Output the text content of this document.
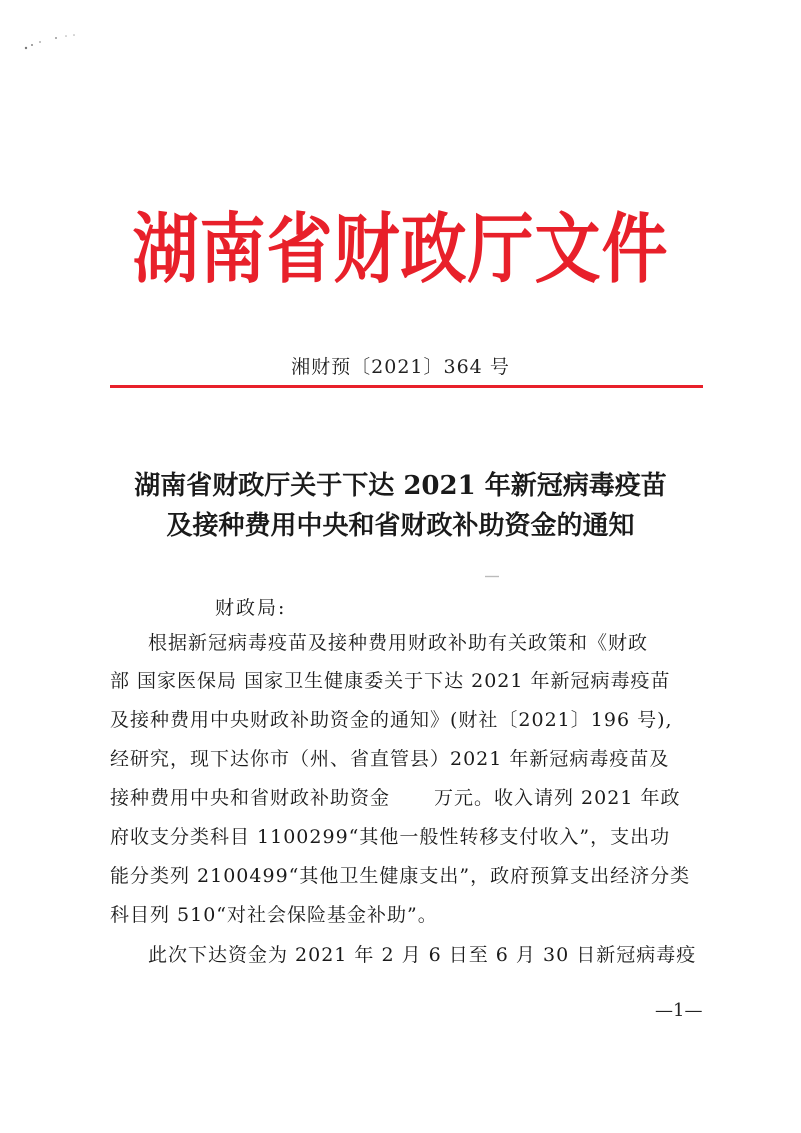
湖南省财政厅文件
湘财预〔2021〕364 号
湖南省财政厅关于下达 2021 年新冠病毒疫苗
及接种费用中央和省财政补助资金的通知
财政局:
根据新冠病毒疫苗及接种费用财政补助有关政策和《财政
部 国家医保局 国家卫生健康委关于下达 2021 年新冠病毒疫苗
及接种费用中央财政补助资金的通知》(财社〔2021〕196 号),
经研究，现下达你市（州、省直管县）2021 年新冠病毒疫苗及
接种费用中央和省财政补助资金 万元。收入请列 2021 年政
府收支分类科目 1100299“其他一般性转移支付收入”，支出功
能分类列 2100499“其他卫生健康支出”，政府预算支出经济分类
科目列 510“对社会保险基金补助”。
此次下达资金为 2021 年 2 月 6 日至 6 月 30 日新冠病毒疫
—1—
